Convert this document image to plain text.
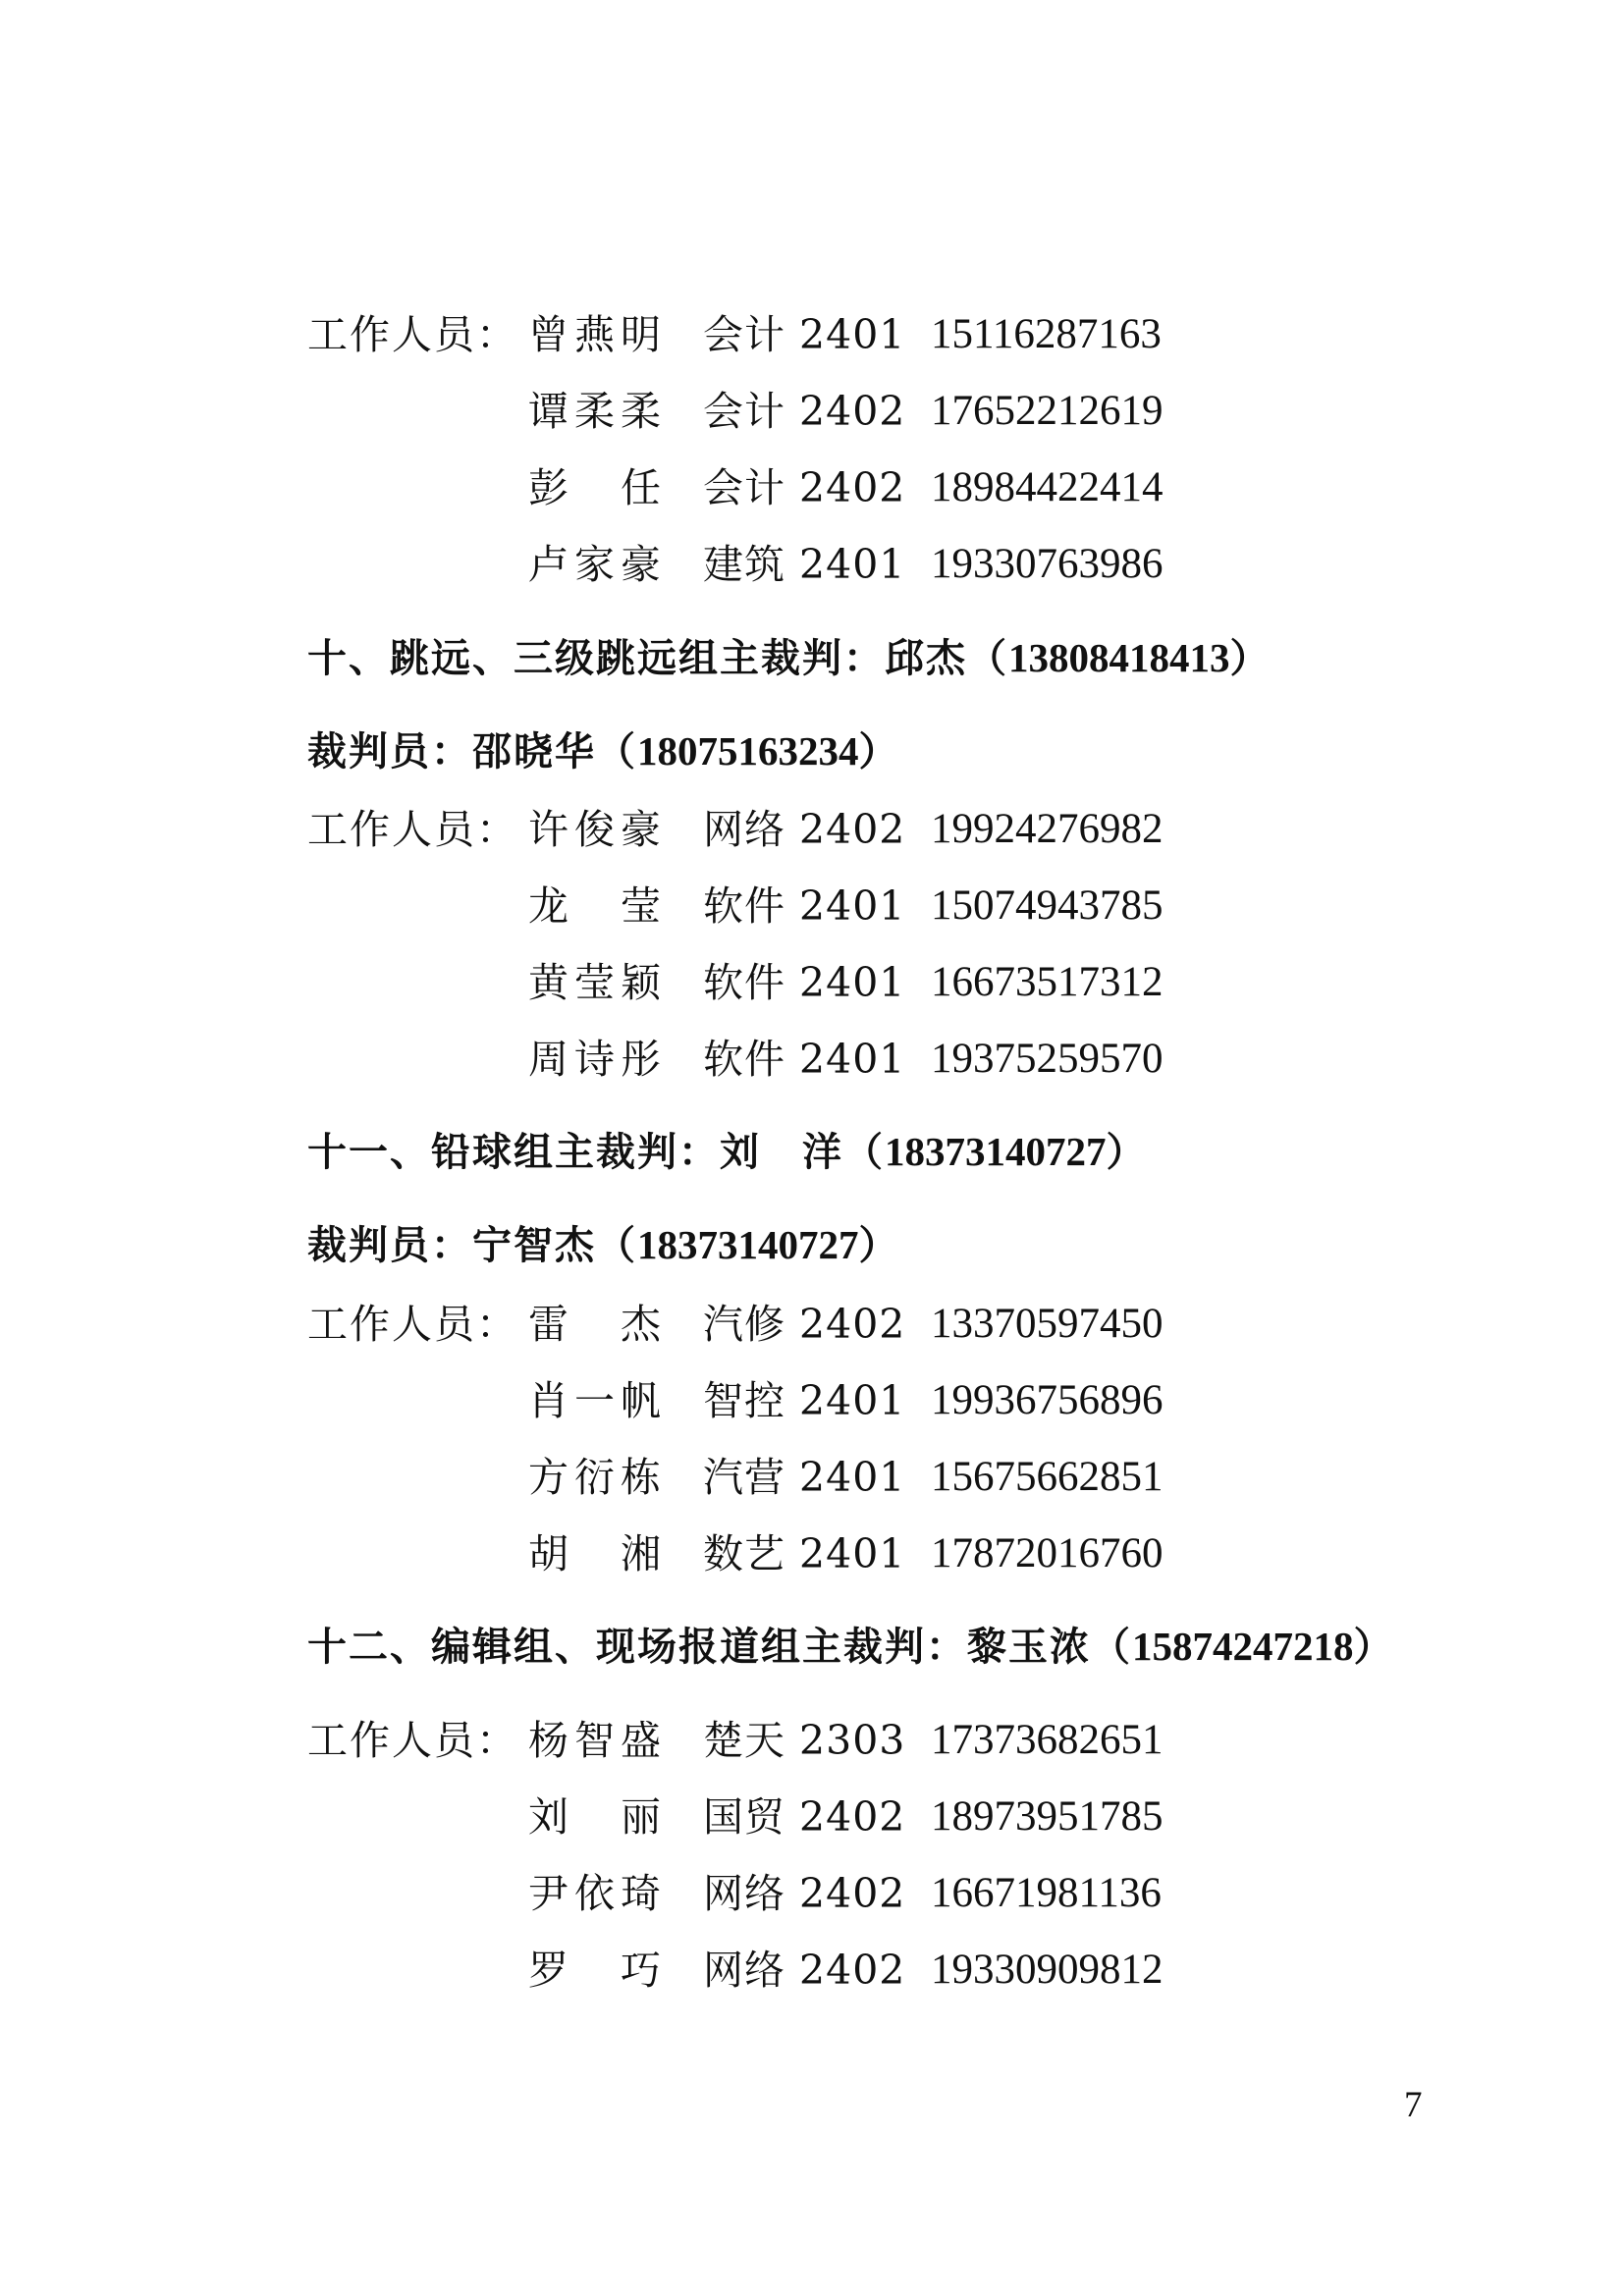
工作人员： 曾燕明 会计 2401 15116287163
谭柔柔 会计 2402 17652212619
彭　任 会计 2402 18984422414
卢家豪 建筑 2401 19330763986
十、跳远、三级跳远组主裁判：邱杰（13808418413）
裁判员：邵晓华（18075163234）
工作人员： 许俊豪 网络 2402 19924276982
龙　莹 软件 2401 15074943785
黄莹颖 软件 2401 16673517312
周诗彤 软件 2401 19375259570
十一、铅球组主裁判：刘　洋（18373140727）
裁判员：宁智杰（18373140727）
工作人员： 雷　杰 汽修 2402 13370597450
肖一帆 智控 2401 19936756896
方衍栋 汽营 2401 15675662851
胡　湘 数艺 2401 17872016760
十二、编辑组、现场报道组主裁判：黎玉浓（15874247218）
工作人员： 杨智盛 楚天 2303 17373682651
刘　丽 国贸 2402 18973951785
尹依琦 网络 2402 16671981136
罗　巧 网络 2402 19330909812
7
